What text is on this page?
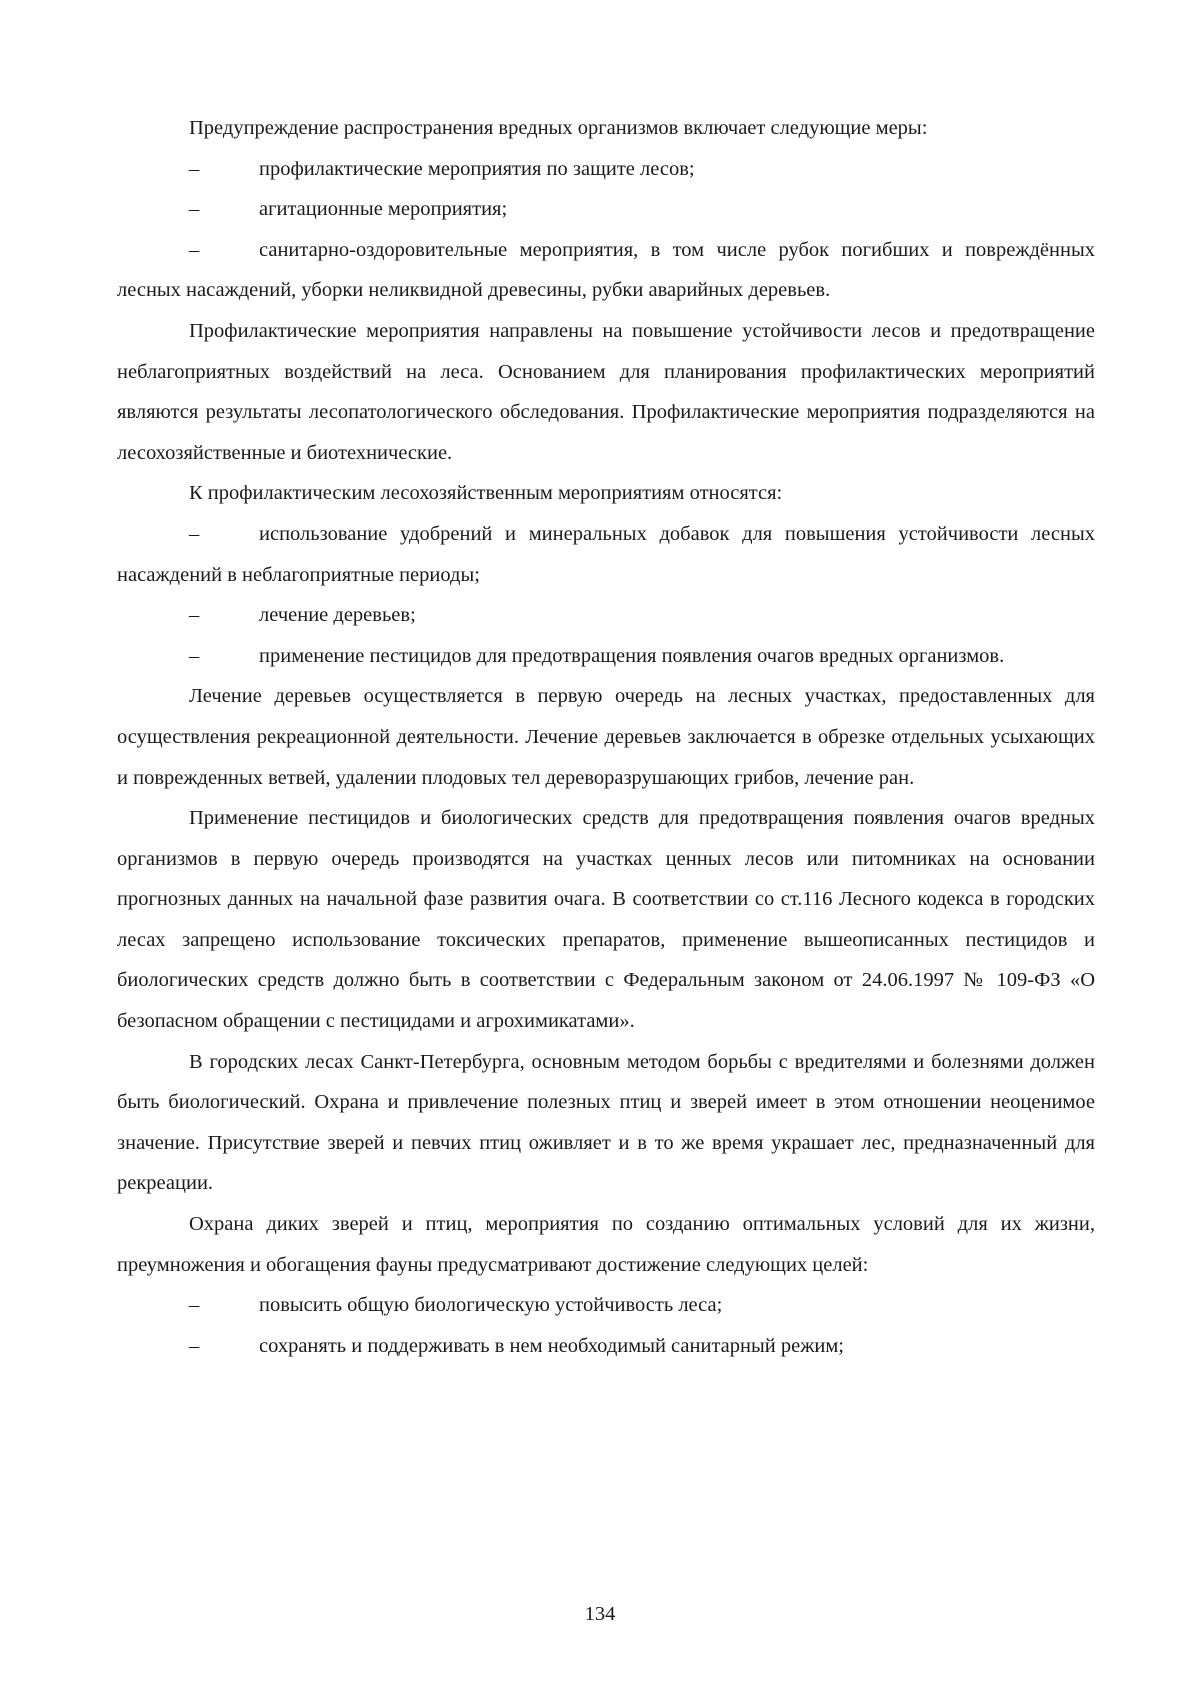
Предупреждение распространения вредных организмов включает следующие меры:

–	профилактические мероприятия по защите лесов;

–	агитационные мероприятия;

–	санитарно-оздоровительные мероприятия, в том числе рубок погибших и повреждённых лесных насаждений, уборки неликвидной древесины, рубки аварийных деревьев.

Профилактические мероприятия направлены на повышение устойчивости лесов и предотвращение неблагоприятных воздействий на леса. Основанием для планирования профилактических мероприятий являются результаты лесопатологического обследования. Профилактические мероприятия подразделяются на лесохозяйственные и биотехнические.

К профилактическим лесохозяйственным мероприятиям относятся:

–	использование удобрений и минеральных добавок для повышения устойчивости лесных насаждений в неблагоприятные периоды;

–	лечение деревьев;

–	применение пестицидов для предотвращения появления очагов вредных организмов.

Лечение деревьев осуществляется в первую очередь на лесных участках, предоставленных для осуществления рекреационной деятельности. Лечение деревьев заключается в обрезке отдельных усыхающих и поврежденных ветвей, удалении плодовых тел дереворазрушающих грибов, лечение ран.

Применение пестицидов и биологических средств для предотвращения появления очагов вредных организмов в первую очередь производятся на участках ценных лесов или питомниках на основании прогнозных данных на начальной фазе развития очага. В соответствии со ст.116 Лесного кодекса в городских лесах запрещено использование токсических препаратов, применение вышеописанных пестицидов и биологических средств должно быть в соответствии с Федеральным законом от 24.06.1997 № 109-ФЗ «О безопасном обращении с пестицидами и агрохимикатами».

В городских лесах Санкт-Петербурга, основным методом борьбы с вредителями и болезнями должен быть биологический. Охрана и привлечение полезных птиц и зверей имеет в этом отношении неоценимое значение. Присутствие зверей и певчих птиц оживляет и в то же время украшает лес, предназначенный для рекреации.

Охрана диких зверей и птиц, мероприятия по созданию оптимальных условий для их жизни, преумножения и обогащения фауны предусматривают достижение следующих целей:

–	повысить общую биологическую устойчивость леса;

–	сохранять и поддерживать в нем необходимый санитарный режим;

134
